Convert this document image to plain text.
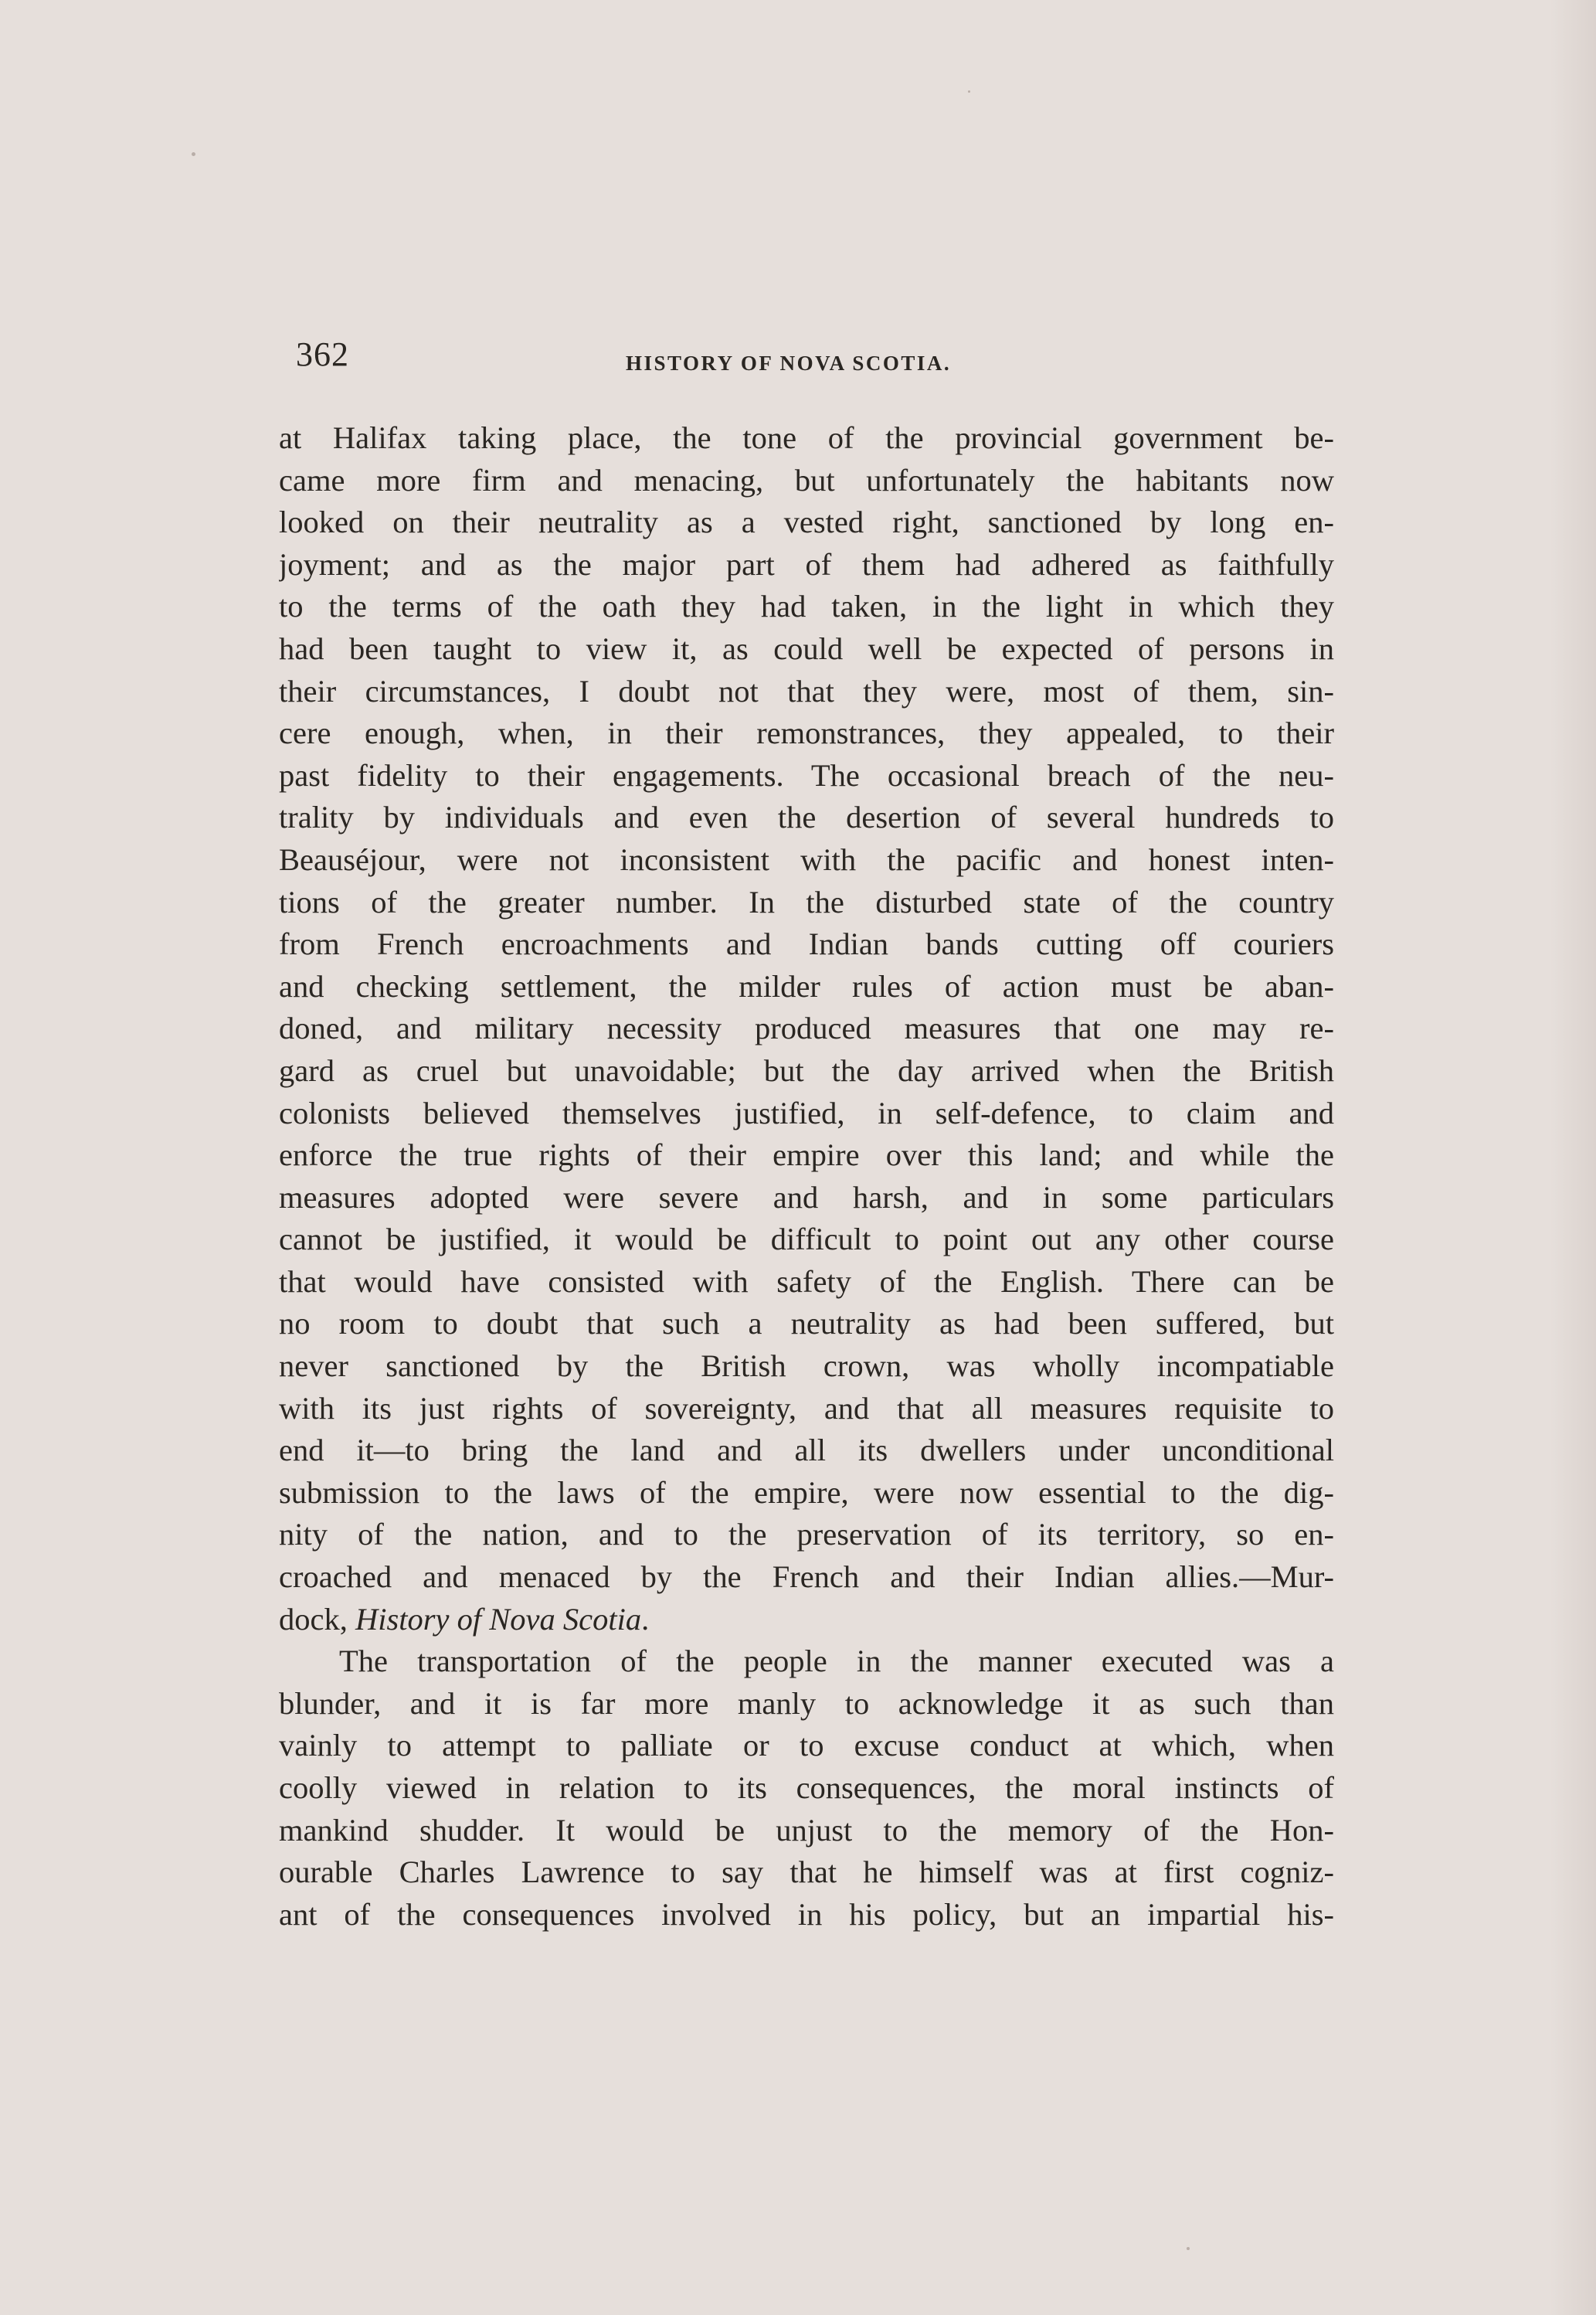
362	HISTORY OF NOVA SCOTIA.
at Halifax taking place, the tone of the provincial government be-
came more firm and menacing, but unfortunately the habitants now
looked on their neutrality as a vested right, sanctioned by long en-
joyment; and as the major part of them had adhered as faithfully
to the terms of the oath they had taken, in the light in which they
had been taught to view it, as could well be expected of persons in
their circumstances, I doubt not that they were, most of them, sin-
cere enough, when, in their remonstrances, they appealed, to their
past fidelity to their engagements. The occasional breach of the neu-
trality by individuals and even the desertion of several hundreds to
Beauséjour, were not inconsistent with the pacific and honest inten-
tions of the greater number. In the disturbed state of the country
from French encroachments and Indian bands cutting off couriers
and checking settlement, the milder rules of action must be aban-
doned, and military necessity produced measures that one may re-
gard as cruel but unavoidable; but the day arrived when the British
colonists believed themselves justified, in self-defence, to claim and
enforce the true rights of their empire over this land; and while the
measures adopted were severe and harsh, and in some particulars
cannot be justified, it would be difficult to point out any other course
that would have consisted with safety of the English. There can be
no room to doubt that such a neutrality as had been suffered, but
never sanctioned by the British crown, was wholly incompatiable
with its just rights of sovereignty, and that all measures requisite to
end it—to bring the land and all its dwellers under unconditional
submission to the laws of the empire, were now essential to the dig-
nity of the nation, and to the preservation of its territory, so en-
croached and menaced by the French and their Indian allies.—Mur-
dock, History of Nova Scotia.
The transportation of the people in the manner executed was a
blunder, and it is far more manly to acknowledge it as such than
vainly to attempt to palliate or to excuse conduct at which, when
coolly viewed in relation to its consequences, the moral instincts of
mankind shudder. It would be unjust to the memory of the Hon-
ourable Charles Lawrence to say that he himself was at first cogniz-
ant of the consequences involved in his policy, but an impartial his-
